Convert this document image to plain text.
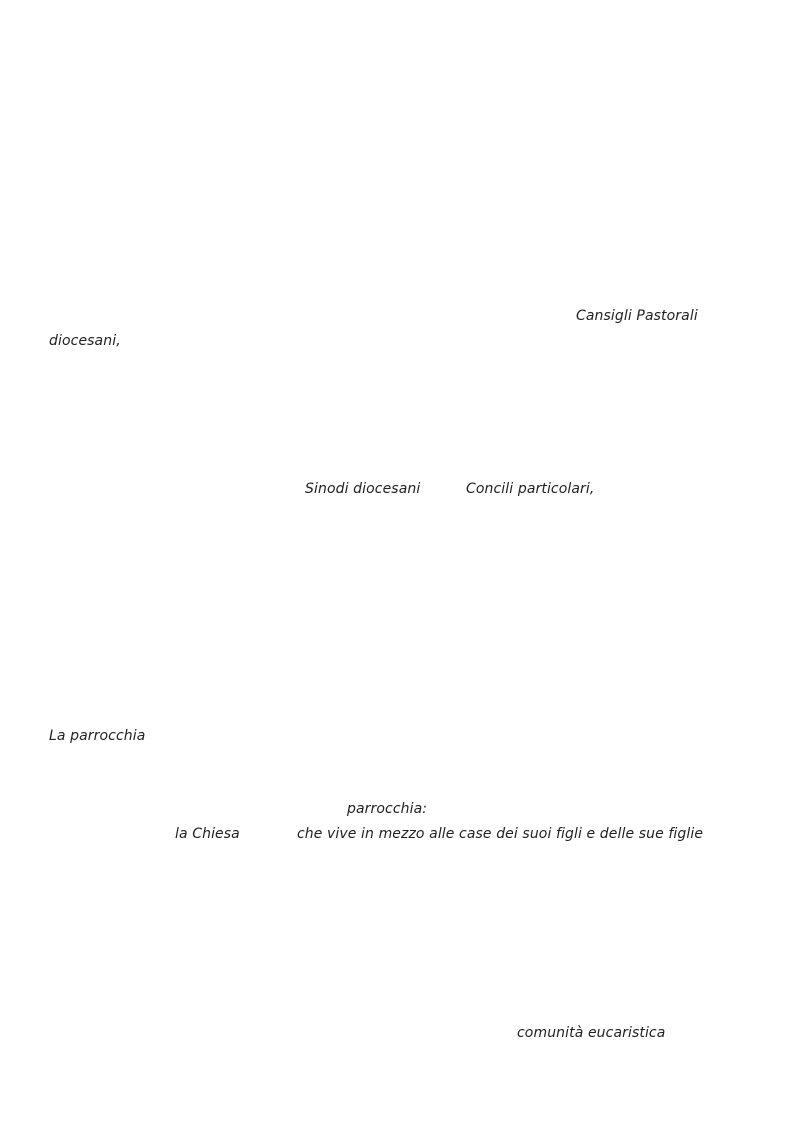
Cansigli Pastorali
diocesani,
Sinodi diocesani	Concili particolari,
La parrocchia
parrocchia:
la Chiesa	che vive in mezzo alle case dei suoi figli e delle sue figlie
comunità eucaristica
